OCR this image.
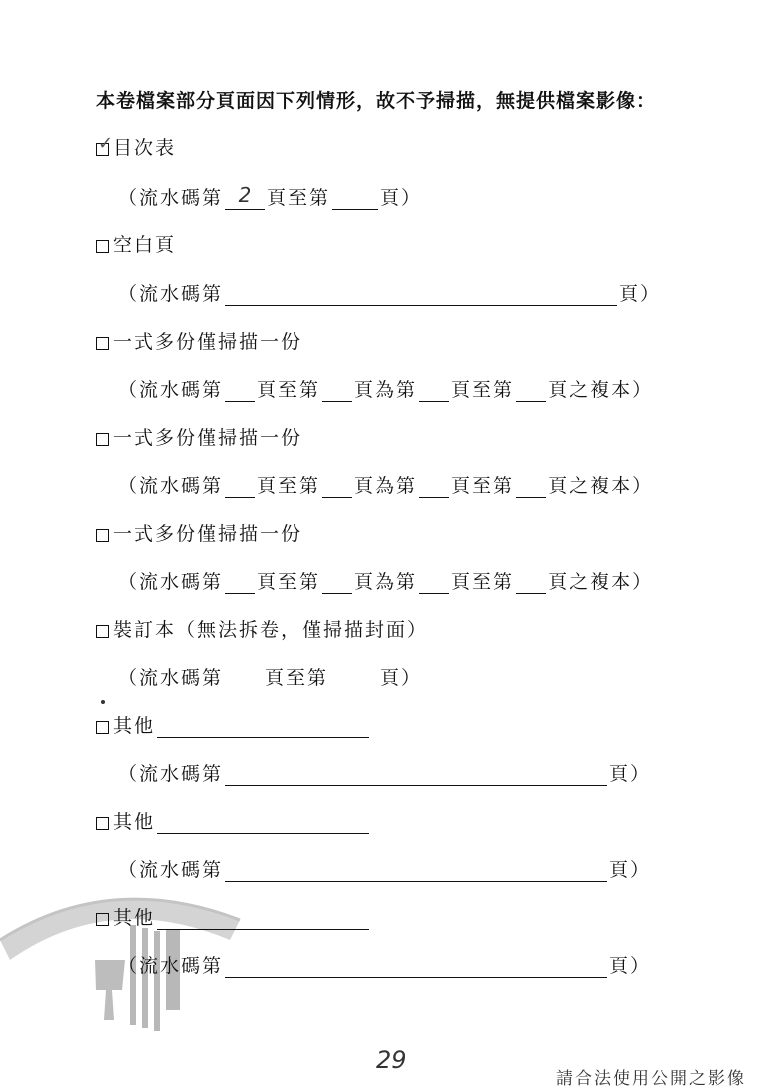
本卷檔案部分頁面因下列情形，故不予掃描，無提供檔案影像：
✓ 目次表
（流水碼第 2 頁至第	頁）
空白頁
（流水碼第	頁）
一式多份僅掃描一份
（流水碼第 頁至第 頁為第 頁至第 頁之複本）
一式多份僅掃描一份
（流水碼第 頁至第 頁為第 頁至第 頁之複本）
一式多份僅掃描一份
（流水碼第 頁至第 頁為第 頁至第 頁之複本）
裝訂本（無法拆卷，僅掃描封面）
（流水碼第 頁至第	頁）
其他
（流水碼第	頁）
其他
（流水碼第	頁）
其他
（流水碼第	頁）
29
請合法使用公開之影像
